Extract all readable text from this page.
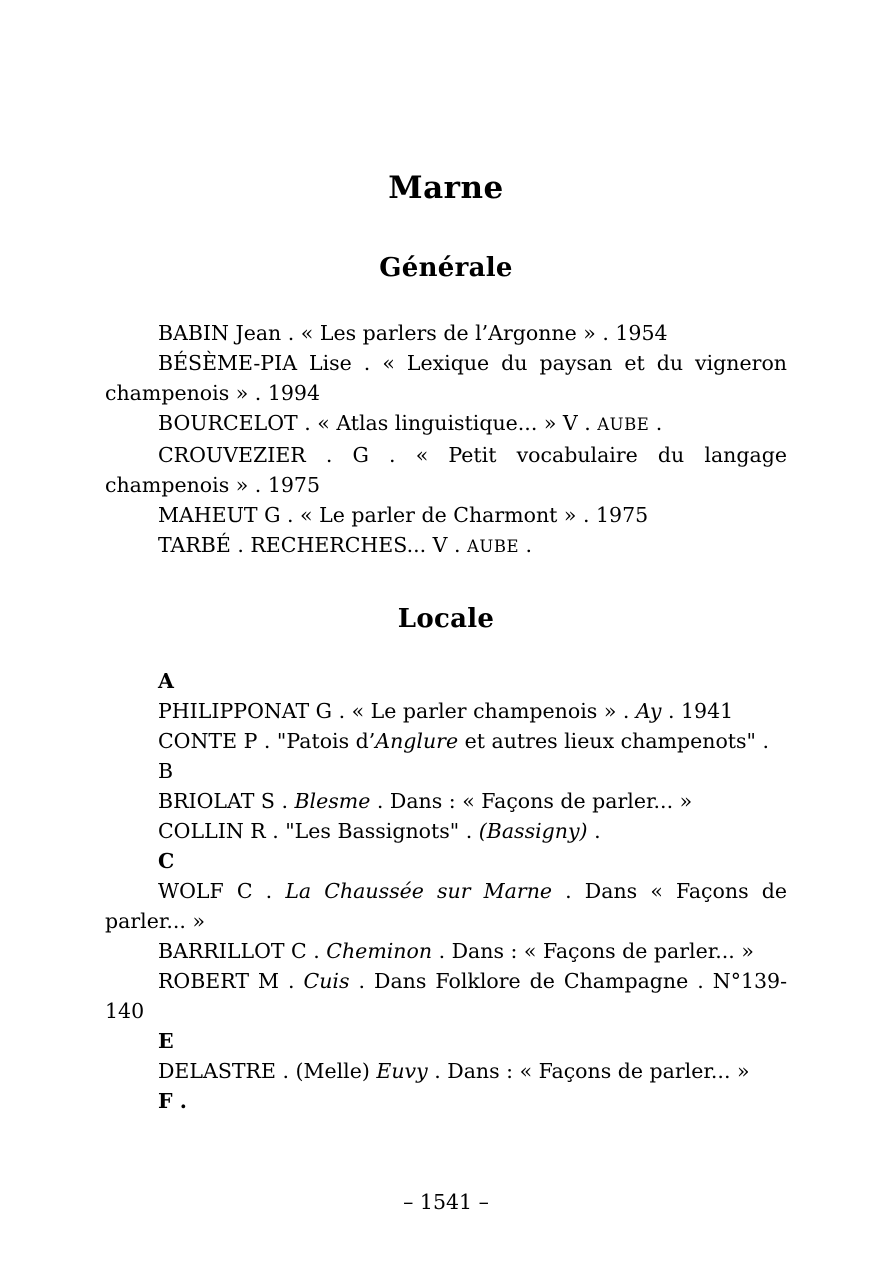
Marne
Générale

BABIN Jean . « Les parlers de l’Argonne » . 1954

BÉSÈME-PIA Lise . « Lexique du paysan et du vigneron champenois » . 1994

BOURCELOT . « Atlas linguistique... » V . AUBE .

CROUVEZIER . G . « Petit vocabulaire du langage champenois » . 1975

MAHEUT G . « Le parler de Charmont » . 1975

TARBÉ . RECHERCHES... V . AUBE .

Locale

A

PHILIPPONAT G . « Le parler champenois » . Ay . 1941

CONTE P . "Patois d’Anglure et autres lieux champenots" .

B

BRIOLAT S . Blesme . Dans : « Façons de parler... »

COLLIN R . "Les Bassignots" . (Bassigny) .

C

WOLF C . La Chaussée sur Marne . Dans « Façons de parler... »

BARRILLOT C . Cheminon . Dans : « Façons de parler... »

ROBERT M . Cuis . Dans Folklore de Champagne . N°139-140

E

DELASTRE . (Melle) Euvy . Dans : « Façons de parler... »

F .

– 1541 –
